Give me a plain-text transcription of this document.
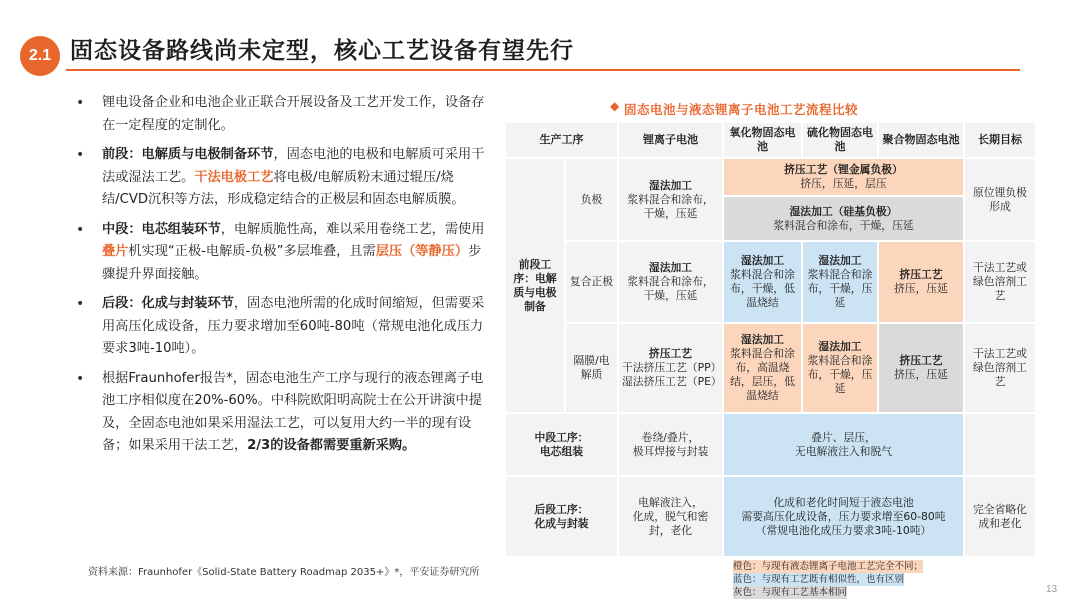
2.1 固态设备路线尚未定型，核心工艺设备有望先行
• 锂电设备企业和电池企业正联合开展设备及工艺开发工作，设备存在一定程度的定制化。
• 前段：电解质与电极制备环节，固态电池的电极和电解质可采用干法或湿法工艺。干法电极工艺将电极/电解质粉末通过辊压/烧结/CVD沉积等方法，形成稳定结合的正极层和固态电解质膜。
• 中段：电芯组装环节，电解质脆性高，难以采用卷绕工艺，需使用叠片机实现“正极-电解质-负极”多层堆叠，且需层压（等静压）步骤提升界面接触。
• 后段：化成与封装环节，固态电池所需的化成时间缩短，但需要采用高压化成设备，压力要求增加至60吨-80吨（常规电池化成压力要求3吨-10吨）。
• 根据Fraunhofer报告*，固态电池生产工序与现行的液态锂离子电池工序相似度在20%-60%。中科院欧阳明高院士在公开讲演中提及，全固态电池如果采用湿法工艺，可以复用大约一半的现有设备；如果采用干法工艺，2/3的设备都需要重新采购。
资料来源：Fraunhofer《Solid-State Battery Roadmap 2035+》*，平安证券研究所
13
◆ 固态电池与液态锂离子电池工艺流程比较
生产工序	锂离子电池
氧化物固态电池
硫化物固态电池
聚合物固态电池	长期目标
前段工序：电解质与电极制备
负极
湿法加工
浆料混合和涂布，干燥，压延
挤压工艺（锂金属负极）
挤压，压延，层压
湿法加工（硅基负极）
浆料混合和涂布，干燥，压延
原位锂负极形成
复合正极
湿法加工
浆料混合和涂布，干燥，压延
湿法加工
浆料混合和涂布，干燥，低温烧结
湿法加工
浆料混合和涂布，干燥，压延
挤压工艺
挤压，压延
干法工艺或绿色溶剂工艺
隔膜/电解质
挤压工艺
干法挤压工艺（PP）
湿法挤压工艺（PE）
湿法加工
浆料混合和涂布，高温烧结，层压，低温烧结
湿法加工
浆料混合和涂布，干燥，压延
挤压工艺
挤压，压延
干法工艺或绿色溶剂工艺
中段工序：
电芯组装
卷绕/叠片，
极耳焊接与封装
叠片、层压，
无电解液注入和脱气
后段工序：
化成与封装
电解液注入，
化成，脱气和密封，老化
化成和老化时间短于液态电池
需要高压化成设备，压力要求增至60-80吨
（常规电池化成压力要求3吨-10吨）
完全省略化成和老化
橙色：与现有液态锂离子电池工艺完全不同；
蓝色：与现有工艺既有相似性，也有区别
灰色：与现有工艺基本相同
